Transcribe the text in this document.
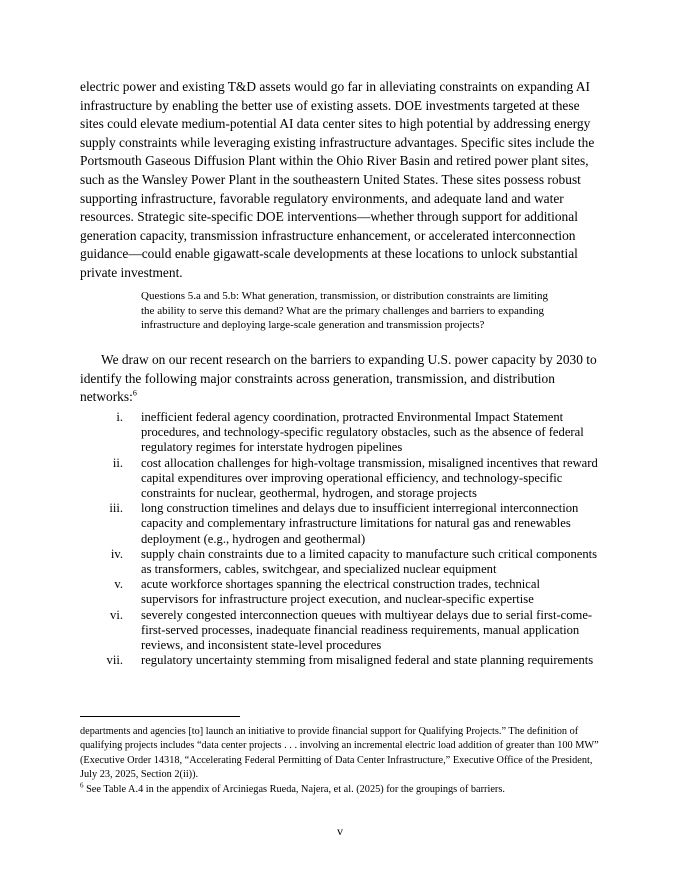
electric power and existing T&D assets would go far in alleviating constraints on expanding AI infrastructure by enabling the better use of existing assets. DOE investments targeted at these sites could elevate medium-potential AI data center sites to high potential by addressing energy supply constraints while leveraging existing infrastructure advantages. Specific sites include the Portsmouth Gaseous Diffusion Plant within the Ohio River Basin and retired power plant sites, such as the Wansley Power Plant in the southeastern United States. These sites possess robust supporting infrastructure, favorable regulatory environments, and adequate land and water resources. Strategic site-specific DOE interventions—whether through support for additional generation capacity, transmission infrastructure enhancement, or accelerated interconnection guidance—could enable gigawatt-scale developments at these locations to unlock substantial private investment.

Questions 5.a and 5.b: What generation, transmission, or distribution constraints are limiting the ability to serve this demand? What are the primary challenges and barriers to expanding infrastructure and deploying large-scale generation and transmission projects?

We draw on our recent research on the barriers to expanding U.S. power capacity by 2030 to identify the following major constraints across generation, transmission, and distribution networks:$^6$

i. inefficient federal agency coordination, protracted Environmental Impact Statement procedures, and technology-specific regulatory obstacles, such as the absence of federal regulatory regimes for interstate hydrogen pipelines
ii. cost allocation challenges for high-voltage transmission, misaligned incentives that reward capital expenditures over improving operational efficiency, and technology-specific constraints for nuclear, geothermal, hydrogen, and storage projects
iii. long construction timelines and delays due to insufficient interregional interconnection capacity and complementary infrastructure limitations for natural gas and renewables deployment (e.g., hydrogen and geothermal)
iv. supply chain constraints due to a limited capacity to manufacture such critical components as transformers, cables, switchgear, and specialized nuclear equipment
v. acute workforce shortages spanning the electrical construction trades, technical supervisors for infrastructure project execution, and nuclear-specific expertise
vi. severely congested interconnection queues with multiyear delays due to serial first-come-first-served processes, inadequate financial readiness requirements, manual application reviews, and inconsistent state-level procedures
vii. regulatory uncertainty stemming from misaligned federal and state planning requirements

departments and agencies [to] launch an initiative to provide financial support for Qualifying Projects.” The definition of qualifying projects includes “data center projects . . . involving an incremental electric load addition of greater than 100 MW” (Executive Order 14318, “Accelerating Federal Permitting of Data Center Infrastructure,” Executive Office of the President, July 23, 2025, Section 2(ii)).

$^6$ See Table A.4 in the appendix of Arciniegas Rueda, Najera, et al. (2025) for the groupings of barriers.

v
